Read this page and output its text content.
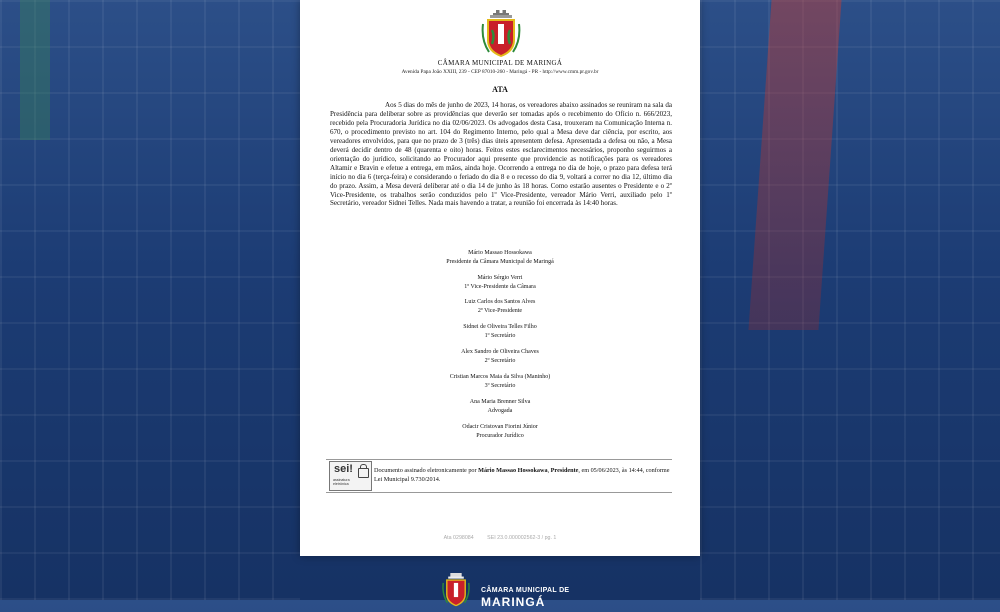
CÂMARA MUNICIPAL DE MARINGÁ
Avenida Papa João XXIII, 239 - CEP 87010-260 - Maringá - PR - http://www.cmm.pr.gov.br
ATA

Aos 5 dias do mês de junho de 2023, 14 horas, os vereadores abaixo assinados se reuniram na sala da Presidência para deliberar sobre as providências que deverão ser tomadas após o recebimento do Ofício n. 666/2023, recebido pela Procuradoria Jurídica no dia 02/06/2023. Os advogados desta Casa, trouxeram na Comunicação Interna n. 670, o procedimento previsto no art. 104 do Regimento Interno, pelo qual a Mesa deve dar ciência, por escrito, aos vereadores envolvidos, para que no prazo de 3 (três) dias úteis apresentem defesa. Apresentada a defesa ou não, a Mesa deverá decidir dentro de 48 (quarenta e oito) horas. Feitos estes esclarecimentos necessários, proponho seguirmos a orientação do jurídico, solicitando ao Procurador aqui presente que providencie as notificações para os vereadores Altamir e Bravin e efetue a entrega, em mãos, ainda hoje. Ocorrendo a entrega no dia de hoje, o prazo para defesa terá início no dia 6 (terça-feira) e considerando o feriado do dia 8 e o recesso do dia 9, voltará a correr no dia 12, último dia do prazo. Assim, a Mesa deverá deliberar até o dia 14 de junho às 18 horas. Como estarão ausentes o Presidente e o 2º Vice-Presidente, os trabalhos serão conduzidos pelo 1º Vice-Presidente, vereador Mário Verri, auxiliado pelo 1º Secretário, vereador Sidnei Telles. Nada mais havendo a tratar, a reunião foi encerrada às 14:40 horas.

Mário Massao Hossokawa
Presidente da Câmara Municipal de Maringá
Mário Sérgio Verri
1º Vice-Presidente da Câmara
Luiz Carlos dos Santos Alves
2º Vice-Presidente
Sidnei de Oliveira Telles Filho
1º Secretário
Alex Sandro de Oliveira Chaves
2º Secretário
Cristian Marcos Maia da Silva (Maninho)
3º Secretário
Ana Maria Brenner Silva
Advogada
Odacir Cristovan Fiorini Júnior
Procurador Jurídico
sei!
assinatura
eletrônica
Documento assinado eletronicamente por Mário Massao Hossokawa, Presidente, em 05/06/2023, às 14:44, conforme Lei Municipal 9.730/2014.
Ata 0298084	SEI 23.0.000002562-3 / pg. 1
CÂMARA MUNICIPAL DE
MARINGÁ
